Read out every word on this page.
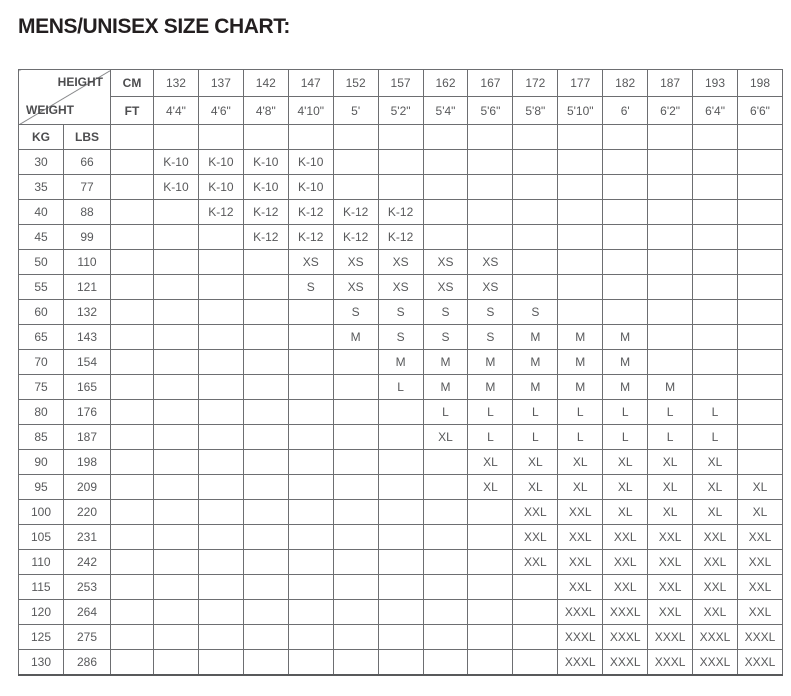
MENS/UNISEX SIZE CHART:
HEIGHT
WEIGHT		CM	132	137	142	147	152	157	162	167	172	177	182	187	193	198
		FT	4'4"	4'6"	4'8"	4'10"	5'	5'2"	5'4"	5'6"	5'8"	5'10"	6'	6'2"	6'4"	6'6"
KG	LBS															
30	66		K-10	K-10	K-10	K-10										
35	77		K-10	K-10	K-10	K-10										
40	88			K-12	K-12	K-12	K-12	K-12								
45	99				K-12	K-12	K-12	K-12								
50	110					XS	XS	XS	XS	XS						
55	121					S	XS	XS	XS	XS						
60	132						S	S	S	S	S					
65	143						M	S	S	S	M	M	M			
70	154							M	M	M	M	M	M			
75	165							L	M	M	M	M	M	M		
80	176								L	L	L	L	L	L	L	
85	187								XL	L	L	L	L	L	L	
90	198									XL	XL	XL	XL	XL	XL	
95	209									XL	XL	XL	XL	XL	XL	XL
100	220										XXL	XXL	XL	XL	XL	XL
105	231										XXL	XXL	XXL	XXL	XXL	XXL
110	242										XXL	XXL	XXL	XXL	XXL	XXL
115	253											XXL	XXL	XXL	XXL	XXL
120	264											XXXL	XXXL	XXL	XXL	XXL
125	275											XXXL	XXXL	XXXL	XXXL	XXXL
130	286											XXXL	XXXL	XXXL	XXXL	XXXL
